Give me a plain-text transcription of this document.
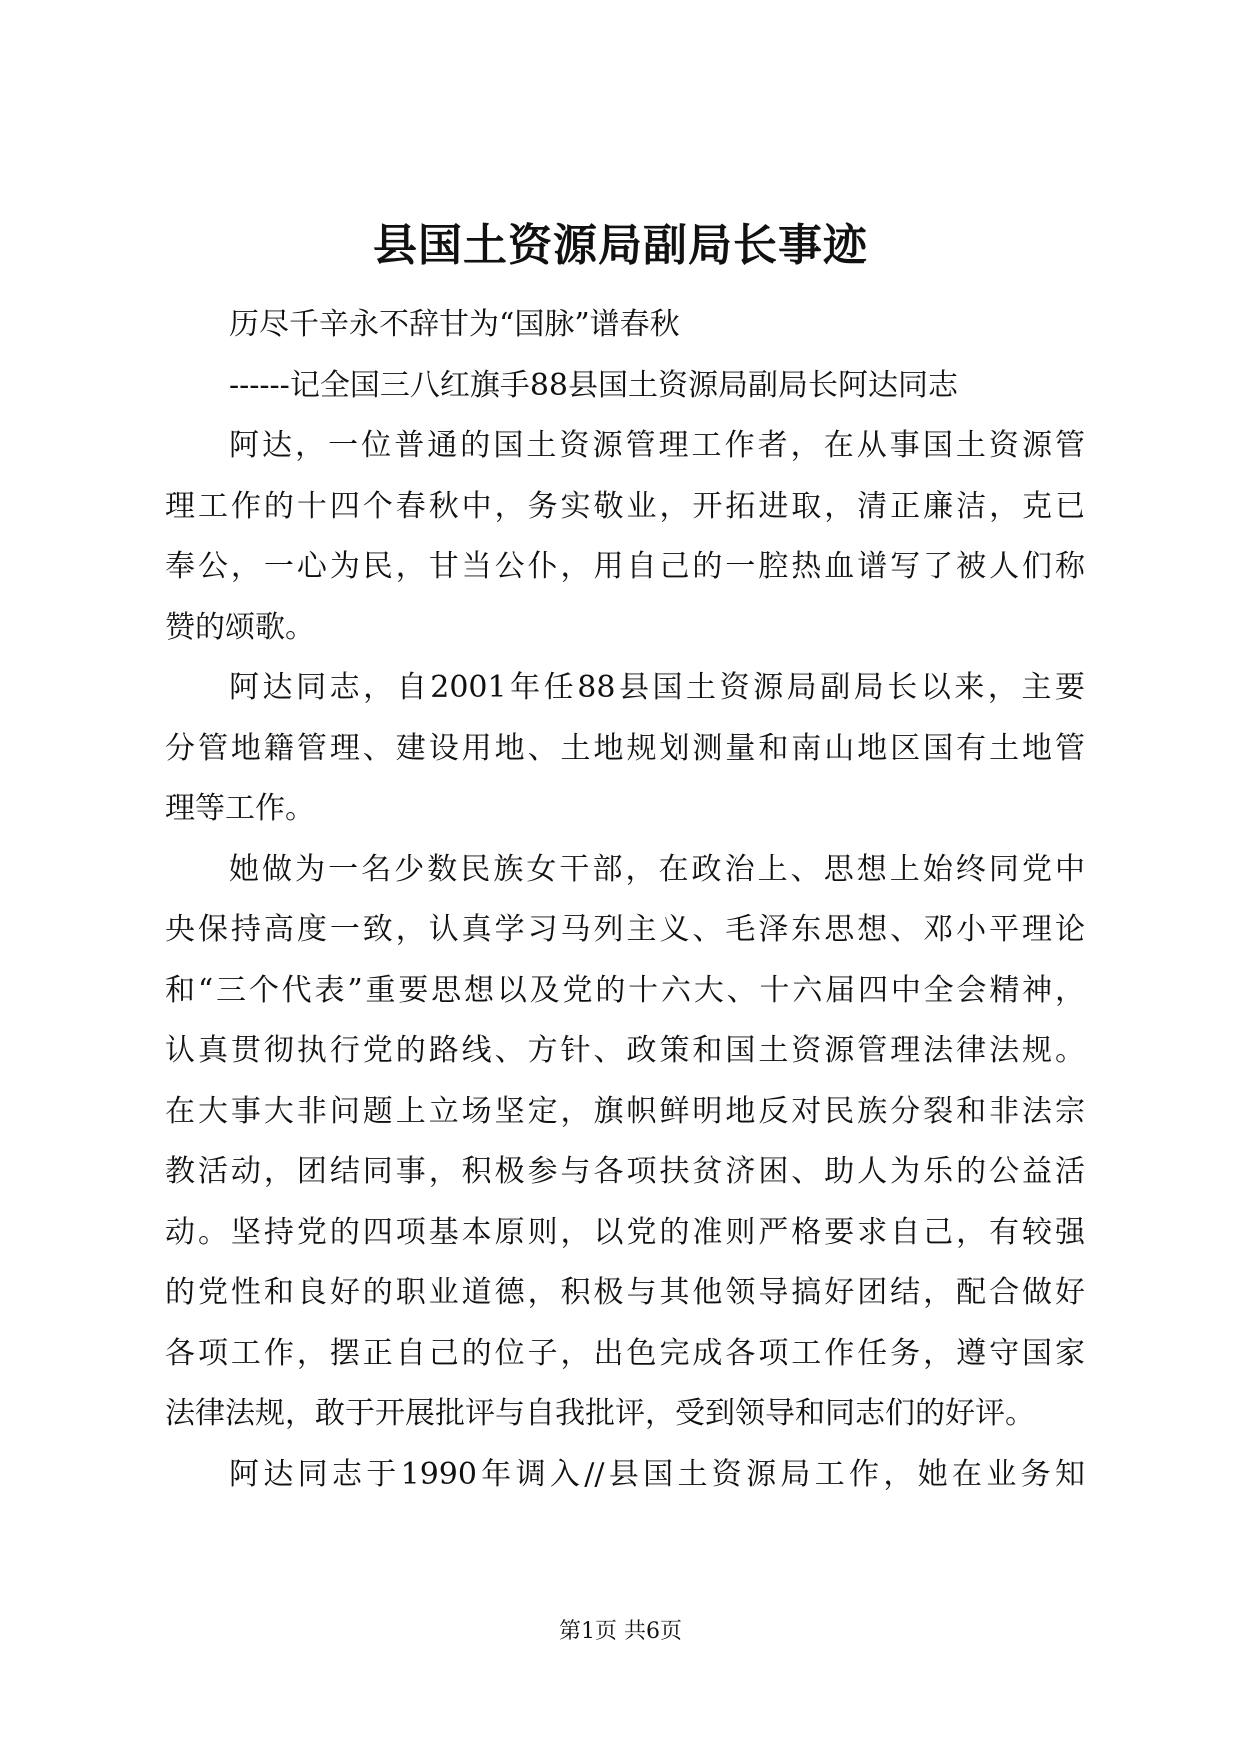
县国土资源局副局长事迹
历尽千辛永不辞甘为“国脉”谱春秋
------记全国三八红旗手88县国土资源局副局长阿达同志
阿达，一位普通的国土资源管理工作者，在从事国土资源管
理工作的十四个春秋中，务实敬业，开拓进取，清正廉洁，克已
奉公，一心为民，甘当公仆，用自己的一腔热血谱写了被人们称
赞的颂歌。
阿达同志，自2001年任88县国土资源局副局长以来，主要
分管地籍管理、建设用地、土地规划测量和南山地区国有土地管
理等工作。
她做为一名少数民族女干部，在政治上、思想上始终同党中
央保持高度一致，认真学习马列主义、毛泽东思想、邓小平理论
和“三个代表”重要思想以及党的十六大、十六届四中全会精神，
认真贯彻执行党的路线、方针、政策和国土资源管理法律法规。
在大事大非问题上立场坚定，旗帜鲜明地反对民族分裂和非法宗
教活动，团结同事，积极参与各项扶贫济困、助人为乐的公益活
动。坚持党的四项基本原则，以党的准则严格要求自己，有较强
的党性和良好的职业道德，积极与其他领导搞好团结，配合做好
各项工作，摆正自己的位子，出色完成各项工作任务，遵守国家
法律法规，敢于开展批评与自我批评，受到领导和同志们的好评。
阿达同志于1990年调入//县国土资源局工作，她在业务知
第1页 共6页
